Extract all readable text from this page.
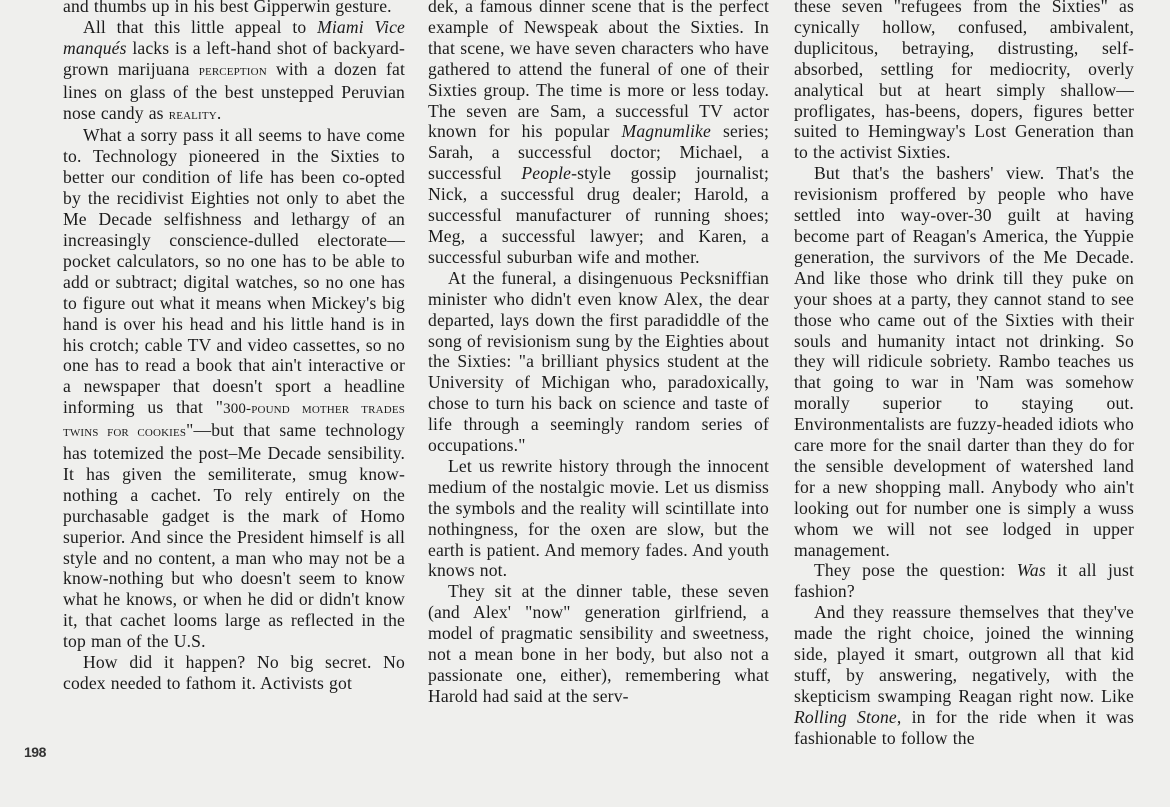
198

and thumbs up in his best Gipperwin gesture.

All that this little appeal to Miami Vice manqués lacks is a left-hand shot of backyard-grown marijuana perception with a dozen fat lines on glass of the best unstepped Peruvian nose candy as reality.

What a sorry pass it all seems to have come to. Technology pioneered in the Sixties to better our condition of life has been co-opted by the recidivist Eighties not only to abet the Me Decade selfishness and lethargy of an increasingly conscience-dulled electorate—pocket calculators, so no one has to be able to add or subtract; digital watches, so no one has to figure out what it means when Mickey's big hand is over his head and his little hand is in his crotch; cable TV and video cassettes, so no one has to read a book that ain't interactive or a newspaper that doesn't sport a headline informing us that "300-pound mother trades twins for cookies"—but that same technology has totemized the post–Me Decade sensibility. It has given the semiliterate, smug know-nothing a cachet. To rely entirely on the purchasable gadget is the mark of Homo superior. And since the President himself is all style and no content, a man who may not be a know-nothing but who doesn't seem to know what he knows, or when he did or didn't know it, that cachet looms large as reflected in the top man of the U.S.

How did it happen? No big secret. No codex needed to fathom it. Activists got

dek, a famous dinner scene that is the perfect example of Newspeak about the Sixties. In that scene, we have seven characters who have gathered to attend the funeral of one of their Sixties group. The time is more or less today. The seven are Sam, a successful TV actor known for his popular Magnumlike series; Sarah, a successful doctor; Michael, a successful People-style gossip journalist; Nick, a successful drug dealer; Harold, a successful manufacturer of running shoes; Meg, a successful lawyer; and Karen, a successful suburban wife and mother.

At the funeral, a disingenuous Pecksniffian minister who didn't even know Alex, the dear departed, lays down the first paradiddle of the song of revisionism sung by the Eighties about the Sixties: "a brilliant physics student at the University of Michigan who, paradoxically, chose to turn his back on science and taste of life through a seemingly random series of occupations."

Let us rewrite history through the innocent medium of the nostalgic movie. Let us dismiss the symbols and the reality will scintillate into nothingness, for the oxen are slow, but the earth is patient. And memory fades. And youth knows not.

They sit at the dinner table, these seven (and Alex' "now" generation girlfriend, a model of pragmatic sensibility and sweetness, not a mean bone in her body, but also not a passionate one, either), remembering what Harold had said at the serv-

these seven "refugees from the Sixties" as cynically hollow, confused, ambivalent, duplicitous, betraying, distrusting, self-absorbed, settling for mediocrity, overly analytical but at heart simply shallow—profligates, has-beens, dopers, figures better suited to Hemingway's Lost Generation than to the activist Sixties.

But that's the bashers' view. That's the revisionism proffered by people who have settled into way-over-30 guilt at having become part of Reagan's America, the Yuppie generation, the survivors of the Me Decade. And like those who drink till they puke on your shoes at a party, they cannot stand to see those who came out of the Sixties with their souls and humanity intact not drinking. So they will ridicule sobriety. Rambo teaches us that going to war in 'Nam was somehow morally superior to staying out. Environmentalists are fuzzy-headed idiots who care more for the snail darter than they do for the sensible development of watershed land for a new shopping mall. Anybody who ain't looking out for number one is simply a wuss whom we will not see lodged in upper management.

They pose the question: Was it all just fashion?

And they reassure themselves that they've made the right choice, joined the winning side, played it smart, outgrown all that kid stuff, by answering, negatively, with the skepticism swamping Reagan right now. Like Rolling Stone, in for the ride when it was fashionable to follow the
